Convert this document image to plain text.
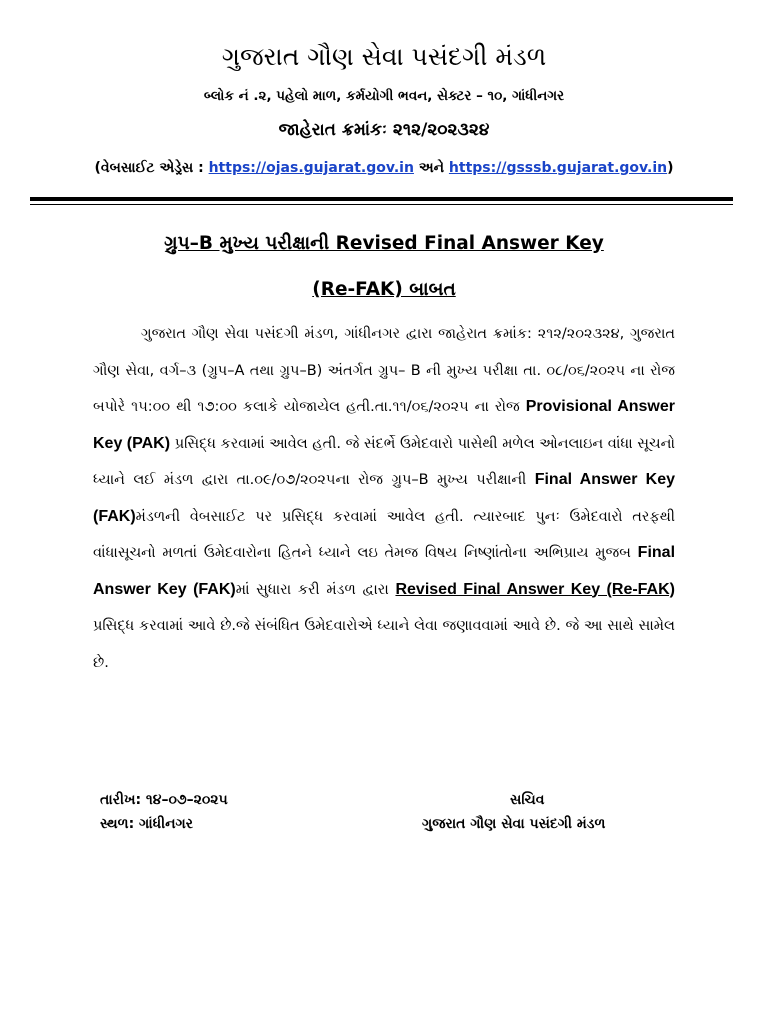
ગુજરાત ગૌણ સેવા પસંદગી મંડળ
બ્લોક નં .૨, પહેલો માળ, કર્મયોગી ભવન, સેક્ટર – ૧૦, ગાંધીનગર
જાહેરાત ક્રમાંકઃ ૨૧૨/૨૦૨૩૨૪
(વેબસાઈટ એડ્રેસ : https://ojas.gujarat.gov.in અને https://gsssb.gujarat.gov.in)
ગ્રુપ–B મુખ્ય પરીક્ષાની Revised Final Answer Key
(Re-FAK) બાબત
ગુજરાત ગૌણ સેવા પસંદગી મંડળ, ગાંધીનગર દ્વારા જાહેરાત ક્રમાંક: ૨૧૨/૨૦૨૩૨૪, ગુજરાત ગૌણ સેવા, વર્ગ–૩ (ગ્રુપ–A તથા ગ્રુપ–B) અંતર્ગત ગ્રુપ– B ની મુખ્ય પરીક્ષા તા. ૦૮/૦૬/૨૦૨૫ ના રોજ બપોરે ૧૫:૦૦ થી ૧૭:૦૦ કલાકે યોજાયેલ હતી.તા.૧૧/૦૬/૨૦૨૫ ના રોજ Provisional Answer Key (PAK) પ્રસિદ્ધ કરવામાં આવેલ હતી. જે સંદર્ભે ઉમેદવારો પાસેથી મળેલ ઓનલાઇન વાંધા સૂચનો ધ્યાને લઈ મંડળ દ્વારા તા.૦૯/૦૭/૨૦૨૫ના રોજ ગ્રુપ–B મુખ્ય પરીક્ષાની Final Answer Key (FAK)મંડળની વેબસાઈટ પર પ્રસિદ્ધ કરવામાં આવેલ હતી. ત્યારબાદ પુનઃ ઉમેદવારો તરફથી વાંધાસૂચનો મળતાં ઉમેદવારોના હિતને ધ્યાને લઇ તેમજ વિષય નિષ્ણાંતોના અભિપ્રાય મુજબ Final Answer Key (FAK)માં સુધારા કરી મંડળ દ્વારા Revised Final Answer Key (Re-FAK) પ્રસિદ્ધ કરવામાં આવે છે.જે સંબંધિત ઉમેદવારોએ ધ્યાને લેવા જણાવવામાં આવે છે. જે આ સાથે સામેલ છે.
તારીખ: ૧૪–૦૭–૨૦૨૫
સ્થળ: ગાંધીનગર
સચિવ
ગુજરાત ગૌણ સેવા પસંદગી મંડળ
